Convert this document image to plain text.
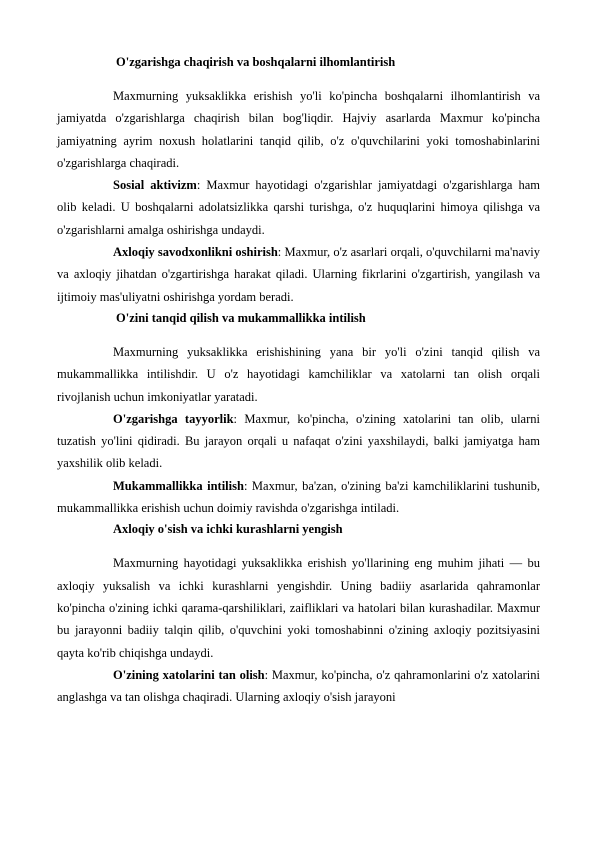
O'zgarishga chaqirish va boshqalarni ilhomlantirish

Maxmurning yuksaklikka erishish yo'li ko'pincha boshqalarni ilhomlantirish va jamiyatda o'zgarishlarga chaqirish bilan bog'liqdir. Hajviy asarlarda Maxmur ko'pincha jamiyatning ayrim noxush holatlarini tanqid qilib, o'z o'quvchilarini yoki tomoshabinlarini o'zgarishlarga chaqiradi.

Sosial aktivizm: Maxmur hayotidagi o'zgarishlar jamiyatdagi o'zgarishlarga ham olib keladi. U boshqalarni adolatsizlikka qarshi turishga, o'z huquqlarini himoya qilishga va o'zgarishlarni amalga oshirishga undaydi.

Axloqiy savodxonlikni oshirish: Maxmur, o'z asarlari orqali, o'quvchilarni ma'naviy va axloqiy jihatdan o'zgartirishga harakat qiladi. Ularning fikrlarini o'zgartirish, yangilash va ijtimoiy mas'uliyatni oshirishga yordam beradi.

O'zini tanqid qilish va mukammallikka intilish

Maxmurning yuksaklikka erishishining yana bir yo'li o'zini tanqid qilish va mukammallikka intilishdir. U o'z hayotidagi kamchiliklar va xatolarni tan olish orqali rivojlanish uchun imkoniyatlar yaratadi.

O'zgarishga tayyorlik: Maxmur, ko'pincha, o'zining xatolarini tan olib, ularni tuzatish yo'lini qidiradi. Bu jarayon orqali u nafaqat o'zini yaxshilaydi, balki jamiyatga ham yaxshilik olib keladi.

Mukammallikka intilish: Maxmur, ba'zan, o'zining ba'zi kamchiliklarini tushunib, mukammallikka erishish uchun doimiy ravishda o'zgarishga intiladi.

Axloqiy o'sish va ichki kurashlarni yengish

Maxmurning hayotidagi yuksaklikka erishish yo'llarining eng muhim jihati — bu axloqiy yuksalish va ichki kurashlarni yengishdir. Uning badiiy asarlarida qahramonlar ko'pincha o'zining ichki qarama-qarshiliklari, zaifliklari va hatolari bilan kurashadilar. Maxmur bu jarayonni badiiy talqin qilib, o'quvchini yoki tomoshabinni o'zining axloqiy pozitsiyasini qayta ko'rib chiqishga undaydi.

O'zining xatolarini tan olish: Maxmur, ko'pincha, o'z qahramonlarini o'z xatolarini anglashga va tan olishga chaqiradi. Ularning axloqiy o'sish jarayoni
